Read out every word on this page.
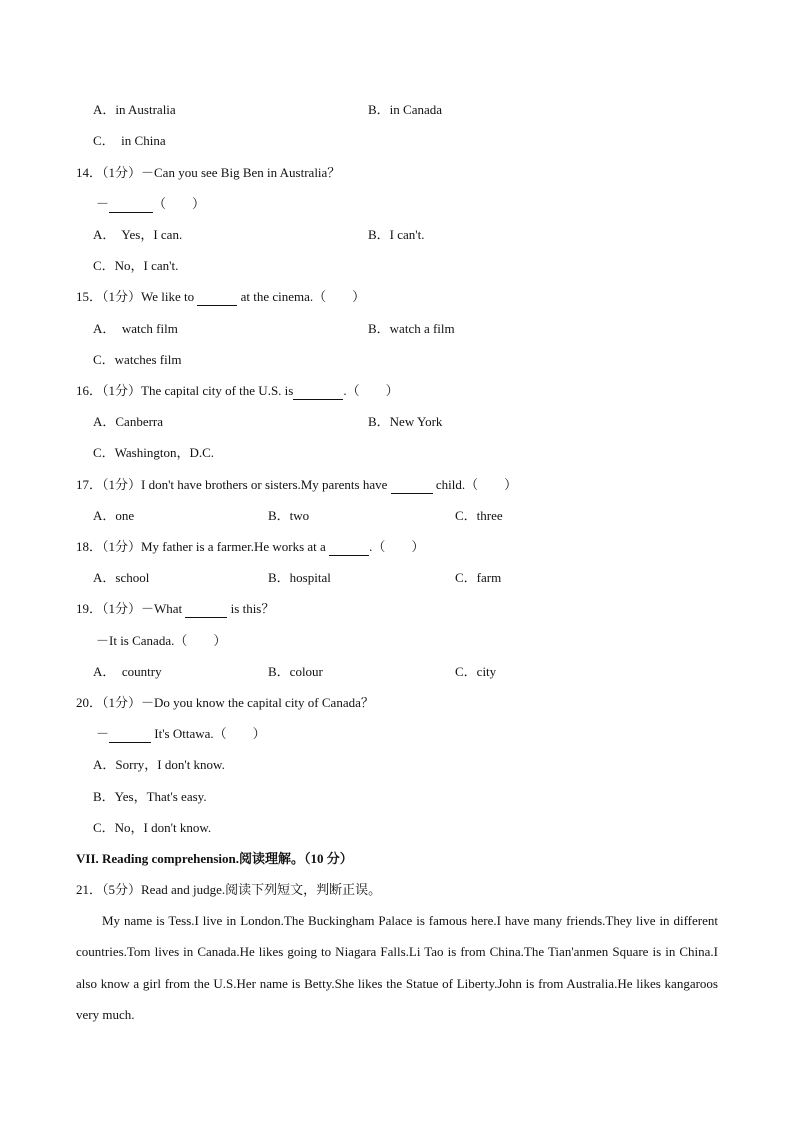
A．in Australia	B．in Canada
C．  in China
14．（1分）－Can you see Big Ben in Australia？
－	（　　）
A．  Yes，I can.	B．I can't.
C．No，I can't.
15．（1分）We like to	at the cinema.（　　）
A．  watch film	B．watch a film
C．watches film
16．（1分）The capital city of the U.S. is	.（　　）
A．Canberra	B．New York
C．Washington，D.C.
17．（1分）I don't have brothers or sisters.My parents have	child.（　　）
A．one	B．two	C．three
18．（1分）My father is a farmer.He works at a	.（　　）
A．school	B．hospital	C．farm
19．（1分）－What	is this？
－It is Canada.（　　）
A．  country	B．colour	C．city
20．（1分）－Do you know the capital city of Canada？
－	It's Ottawa.（　　）
A．Sorry，I don't know.
B．Yes，That's easy.
C．No，I don't know.
VII. Reading comprehension.阅读理解。（10 分）
21．（5分）Read and judge.阅读下列短文，判断正误。
My name is Tess.I live in London.The Buckingham Palace is famous here.I have many friends.They live in different countries.Tom lives in Canada.He likes going to Niagara Falls.Li Tao is from China.The Tian'anmen Square is in China.I also know a girl from the U.S.Her name is Betty.She likes the Statue of Liberty.John is from Australia.He likes kangaroos very much.
